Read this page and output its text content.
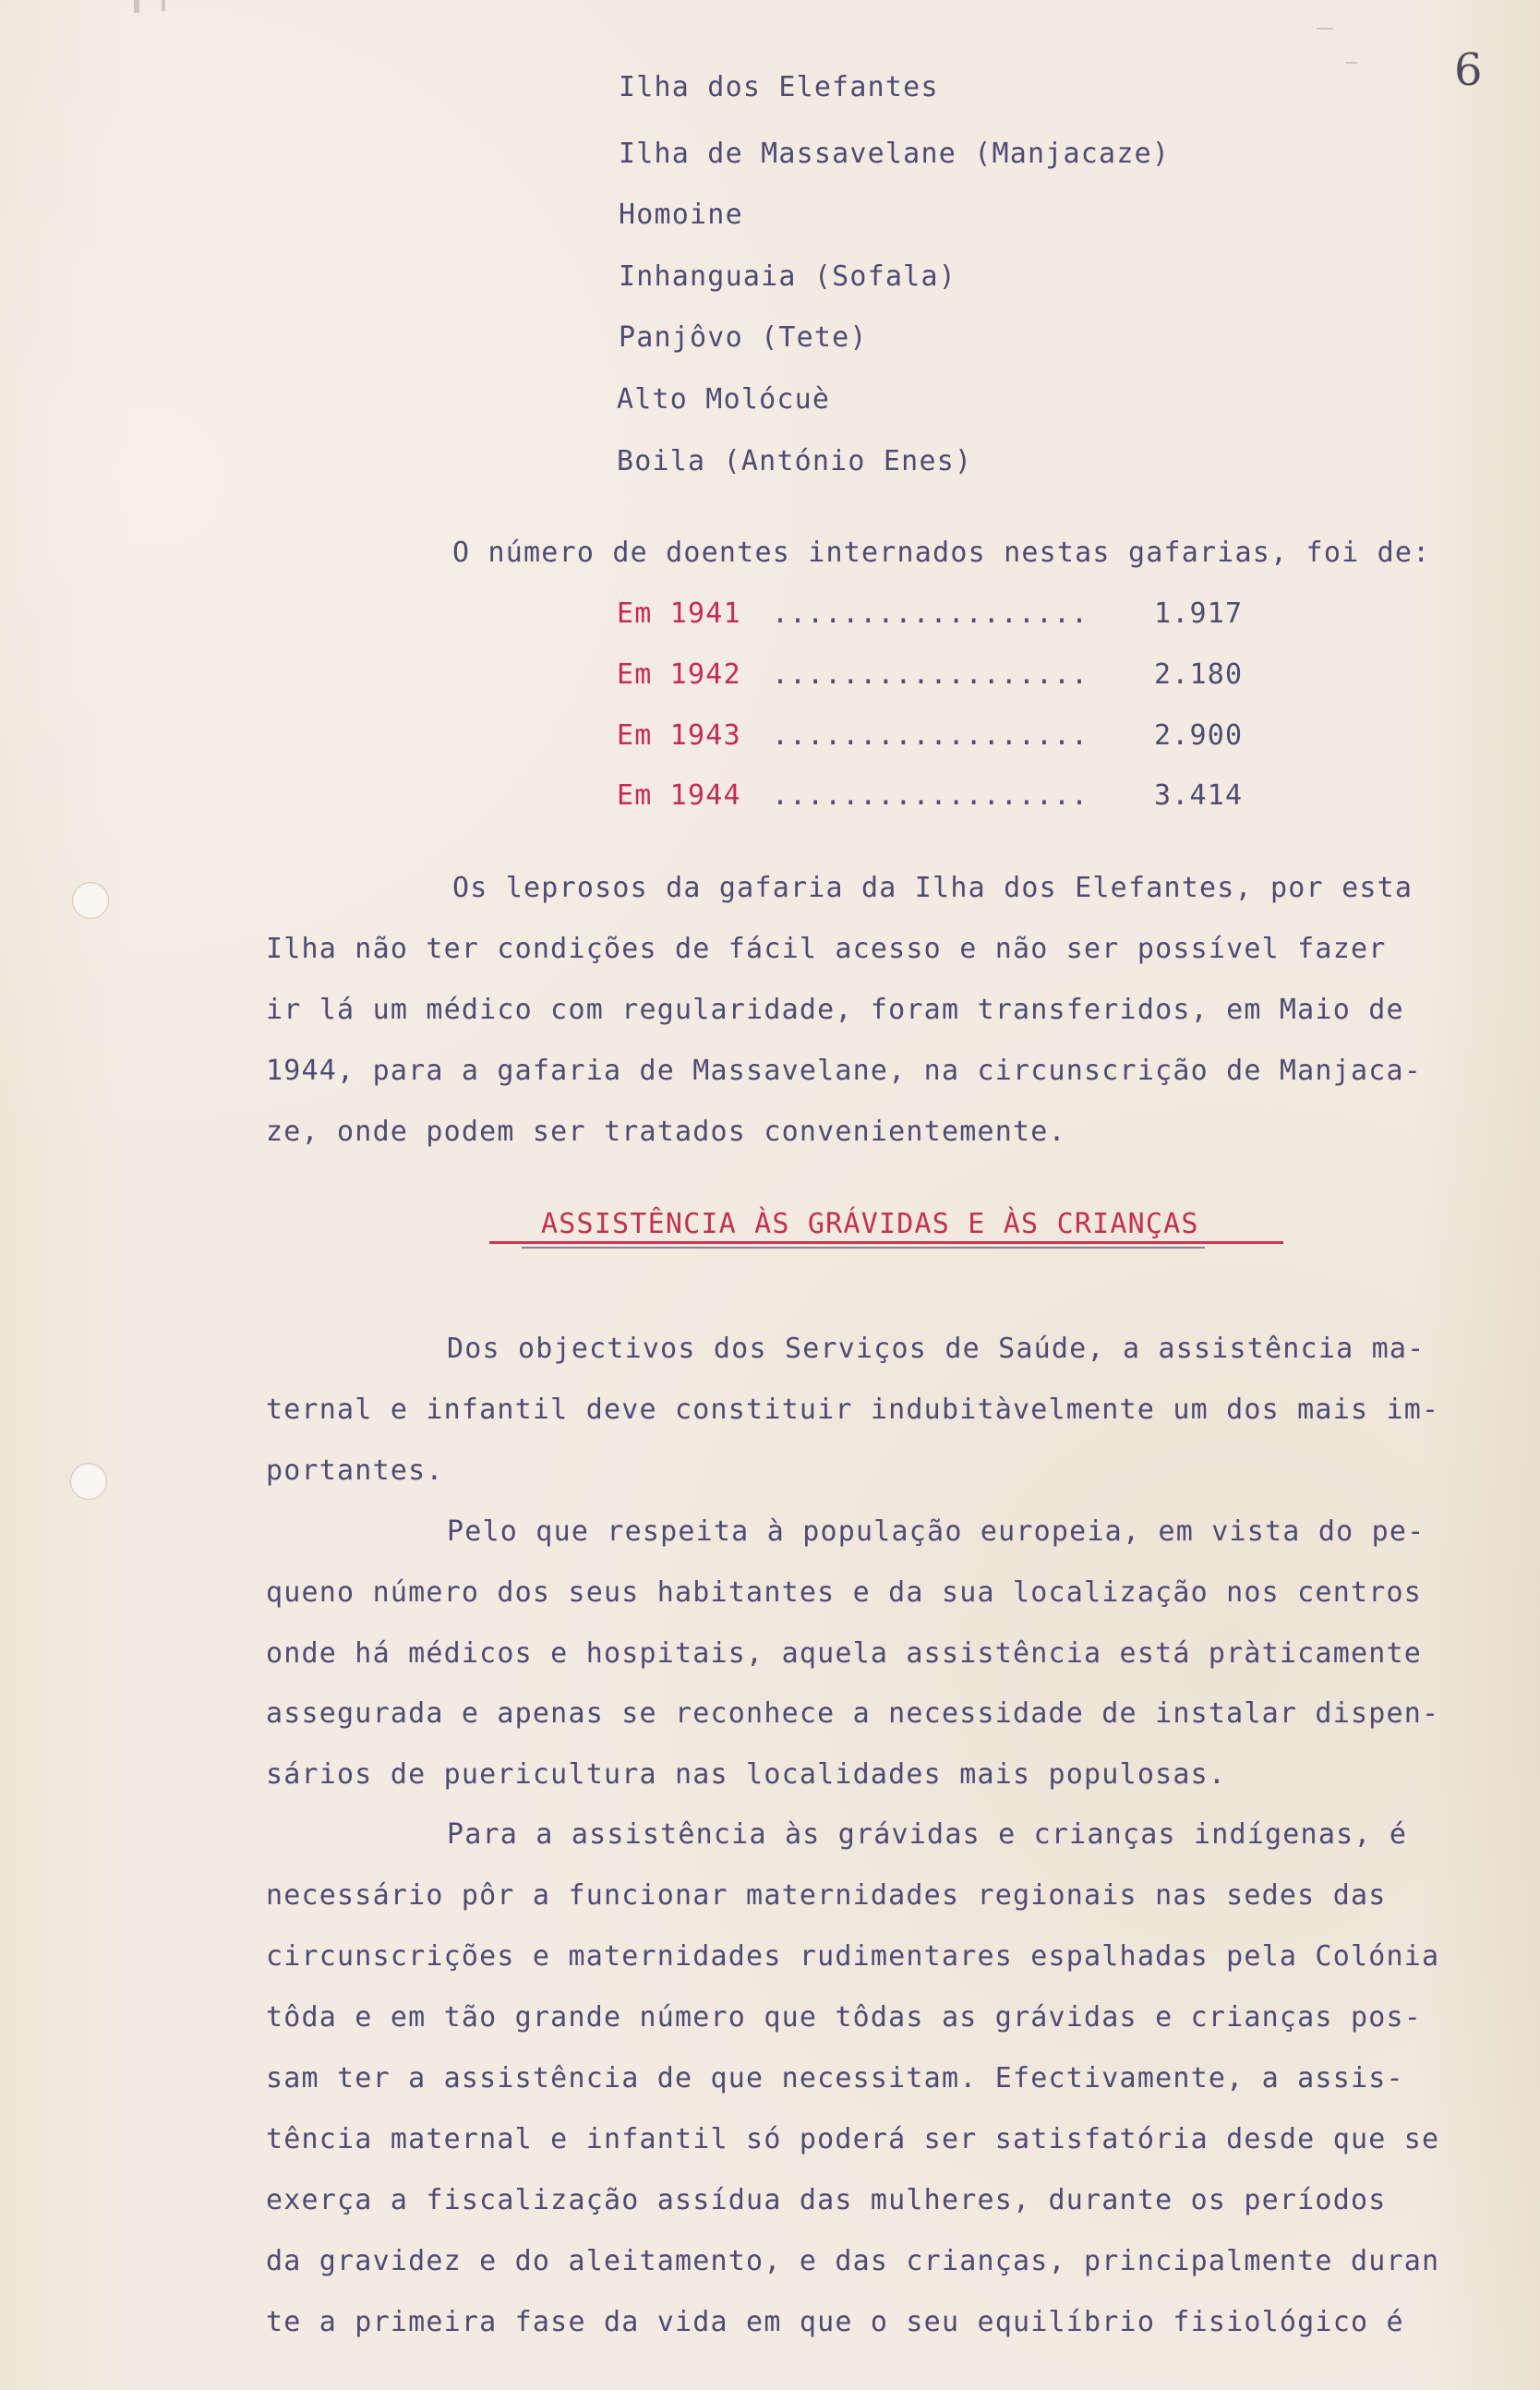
6
Ilha dos Elefantes
Ilha de Massavelane (Manjacaze)
Homoine
Inhanguaia (Sofala)
Panjôvo (Tete)
Alto Molócuè
Boila (António Enes)
O número de doentes internados nestas gafarias, foi de:
Em 1941 .................. 1.917
Em 1942 .................. 2.180
Em 1943 .................. 2.900
Em 1944 .................. 3.414
Os leprosos da gafaria da Ilha dos Elefantes, por esta
Ilha não ter condições de fácil acesso e não ser possível fazer
ir lá um médico com regularidade, foram transferidos, em Maio de
1944, para a gafaria de Massavelane, na circunscrição de Manjaca-
ze, onde podem ser tratados convenientemente.
ASSISTÊNCIA ÀS GRÁVIDAS E ÀS CRIANÇAS
Dos objectivos dos Serviços de Saúde, a assistência ma-
ternal e infantil deve constituir indubitàvelmente um dos mais im-
portantes.
Pelo que respeita à população europeia, em vista do pe-
queno número dos seus habitantes e da sua localização nos centros
onde há médicos e hospitais, aquela assistência está pràticamente
assegurada e apenas se reconhece a necessidade de instalar dispen-
sários de puericultura nas localidades mais populosas.
Para a assistência às grávidas e crianças indígenas, é
necessário pôr a funcionar maternidades regionais nas sedes das
circunscrições e maternidades rudimentares espalhadas pela Colónia
tôda e em tão grande número que tôdas as grávidas e crianças pos-
sam ter a assistência de que necessitam. Efectivamente, a assis-
tência maternal e infantil só poderá ser satisfatória desde que se
exerça a fiscalização assídua das mulheres, durante os períodos
da gravidez e do aleitamento, e das crianças, principalmente duran
te a primeira fase da vida em que o seu equilíbrio fisiológico é
